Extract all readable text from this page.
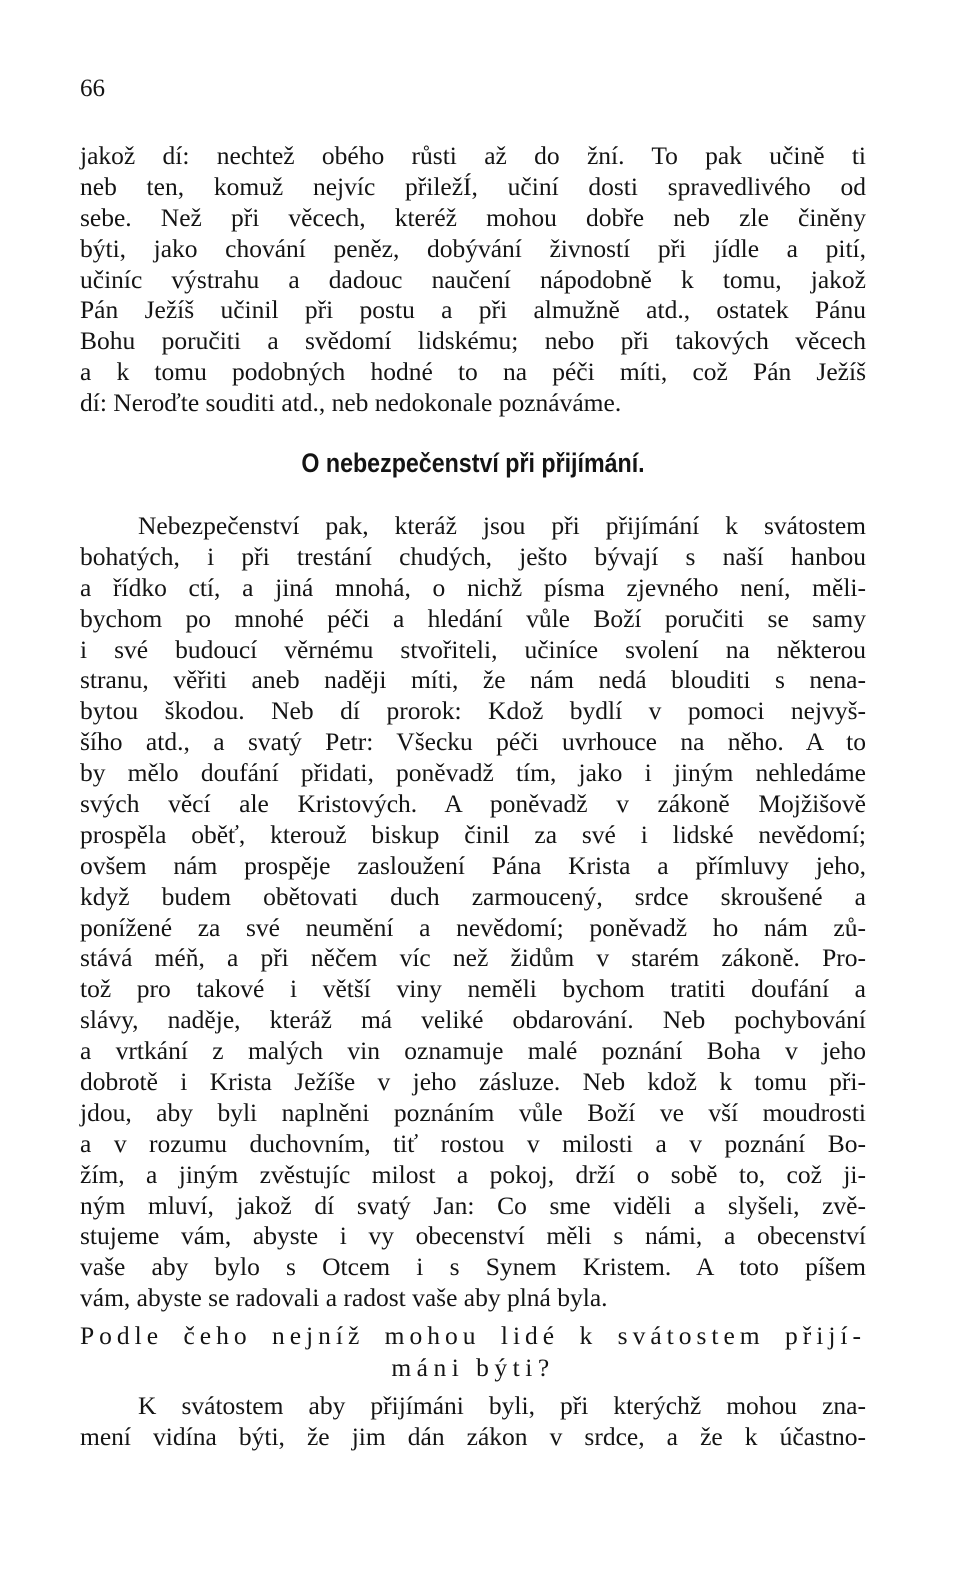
66
jakož dí: nechtež obého růsti až do žní. To pak učině ti
neb ten, komuž nejvíc přiležÍ, učiní dosti spravedlivého od
sebe. Než při věcech, kteréž mohou dobře neb zle činěny
býti, jako chování peněz, dobývání živností při jídle a pití,
učiníc výstrahu a dadouc naučení nápodobně k tomu, jakož
Pán Ježíš učinil při postu a při almužně atd., ostatek Pánu
Bohu poručiti a svědomí lidskému; nebo při takových věcech
a k tomu podobných hodné to na péči míti, což Pán Ježíš
dí: Neroďte souditi atd., neb nedokonale poznáváme.
O nebezpečenství při přijímání.
Nebezpečenství pak, kteráž jsou při přijímání k svátostem
bohatých, i při trestání chudých, ješto bývají s naší hanbou
a řídko ctí, a jiná mnohá, o nichž písma zjevného není, měli-
bychom po mnohé péči a hledání vůle Boží poručiti se samy
i své budoucí věrnému stvořiteli, učiníce svolení na některou
stranu, věřiti aneb naději míti, že nám nedá blouditi s nena-
bytou škodou. Neb dí prorok: Kdož bydlí v pomoci nejvyš-
šího atd., a svatý Petr: Všecku péči uvrhouce na něho. A to
by mělo doufání přidati, poněvadž tím, jako i jiným nehledáme
svých věcí ale Kristových. A poněvadž v zákoně Mojžišově
prospěla oběť, kterouž biskup činil za své i lidské nevědomí;
ovšem nám prospěje zasloužení Pána Krista a přímluvy jeho,
když budem obětovati duch zarmoucený, srdce skroušené a
ponížené za své neumění a nevědomí; poněvadž ho nám zů-
stává méň, a při něčem víc než židům v starém zákoně. Pro-
tož pro takové i větší viny neměli bychom tratiti doufání a
slávy, naděje, kteráž má veliké obdarování. Neb pochybování
a vrtkání z malých vin oznamuje malé poznání Boha v jeho
dobrotě i Krista Ježíše v jeho zásluze. Neb kdož k tomu při-
jdou, aby byli naplněni poznáním vůle Boží ve vší moudrosti
a v rozumu duchovním, tiť rostou v milosti a v poznání Bo-
žím, a jiným zvěstujíc milost a pokoj, drží o sobě to, což ji-
ným mluví, jakož dí svatý Jan: Co sme viděli a slyšeli, zvě-
stujeme vám, abyste i vy obecenství měli s námi, a obecenství
vaše aby bylo s Otcem i s Synem Kristem. A toto píšem
vám, abyste se radovali a radost vaše aby plná byla.
Podle čeho nejníž mohou lidé k svátostem přijí-
máni býti?
K svátostem aby přijímáni byli, při kterýchž mohou zna-
mení vidína býti, že jim dán zákon v srdce, a že k účastno-
